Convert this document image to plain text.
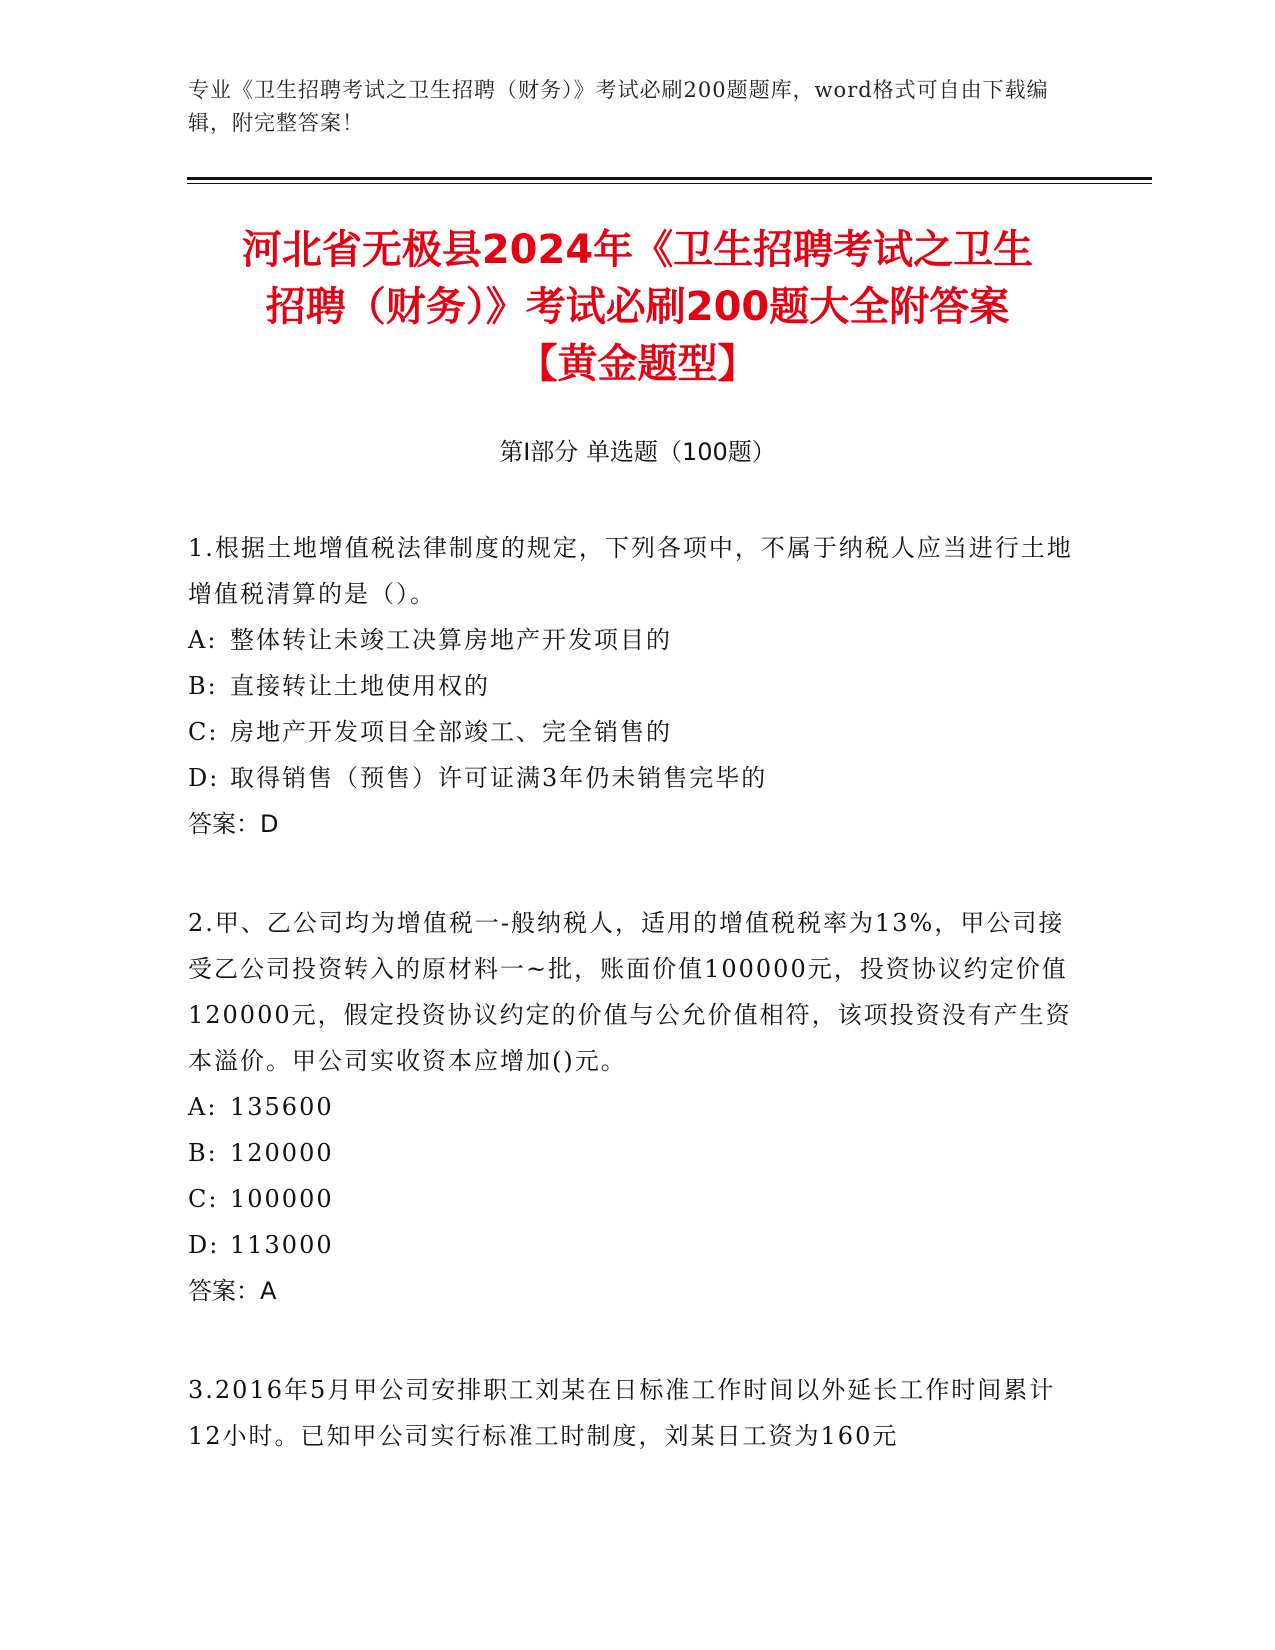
专业《卫生招聘考试之卫生招聘（财务）》考试必刷200题题库，word格式可自由下载编辑，附完整答案！
河北省无极县2024年《卫生招聘考试之卫生
招聘（财务）》考试必刷200题大全附答案
【黄金题型】
第I部分 单选题（100题）

1.根据土地增值税法律制度的规定，下列各项中，不属于纳税人应当进行土地增值税清算的是（）。

A: 整体转让未竣工决算房地产开发项目的

B: 直接转让土地使用权的

C: 房地产开发项目全部竣工、完全销售的

D: 取得销售（预售）许可证满3年仍未销售完毕的

答案：D

2.甲、乙公司均为增值税一-般纳税人，适用的增值税税率为13%，甲公司接受乙公司投资转入的原材料一~批，账面价值100000元，投资协议约定价值120000元，假定投资协议约定的价值与公允价值相符，该项投资没有产生资本溢价。甲公司实收资本应增加()元。

A: 135600

B: 120000

C: 100000

D: 113000

答案：A

3.2016年5月甲公司安排职工刘某在日标准工作时间以外延长工作时间累计12小时。已知甲公司实行标准工时制度，刘某日工资为160元
